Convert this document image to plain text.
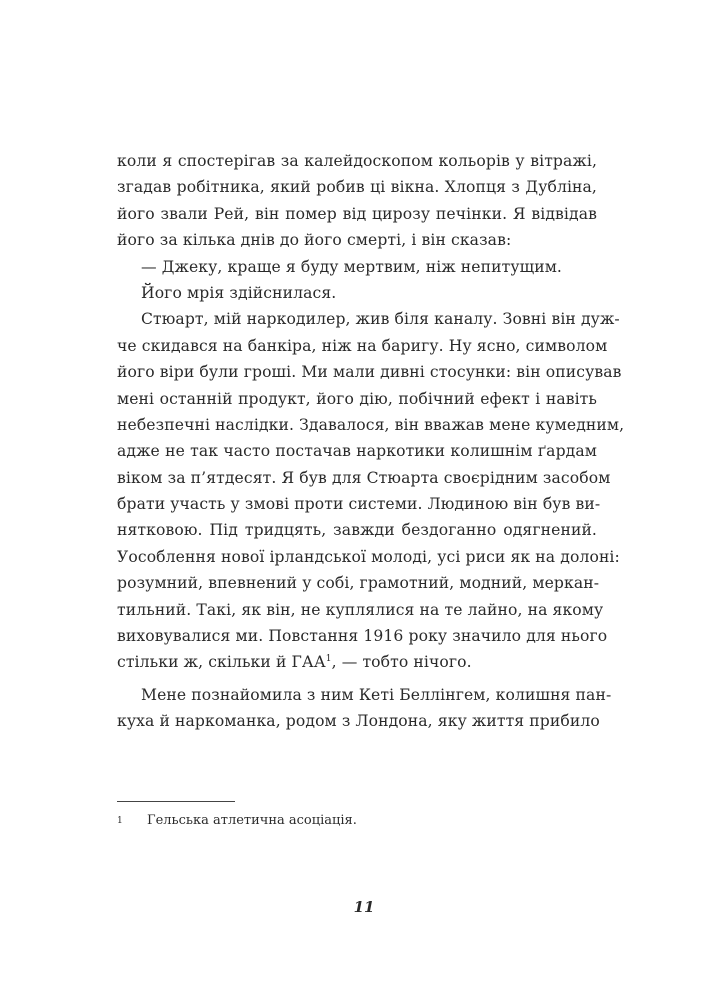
коли я спостерігав за калейдоскопом кольорів у вітражі,
згадав робітника, який робив ці вікна. Хлопця з Дубліна,
його звали Рей, він помер від цирозу печінки. Я відвідав
його за кілька днів до його смерті, і він сказав:
— Джеку, краще я буду мертвим, ніж непитущим.
Його мрія здійснилася.
Стюарт, мій наркодилер, жив біля каналу. Зовні він дуж-
че скидався на банкіра, ніж на баригу. Ну ясно, символом
його віри були гроші. Ми мали дивні стосунки: він описував
мені останній продукт, його дію, побічний ефект і навіть
небезпечні наслідки. Здавалося, він вважав мене кумедним,
адже не так часто постачав наркотики колишнім ґардам
віком за п’ятдесят. Я був для Стюарта своєрідним засобом
брати участь у змові проти системи. Людиною він був ви-
нятковою. Під тридцять, завжди бездоганно одягнений.
Уособлення нової ірландської молоді, усі риси як на долоні:
розумний, впевнений у собі, грамотний, модний, меркан-
тильний. Такі, як він, не куплялися на те лайно, на якому
виховувалися ми. Повстання 1916 року значило для нього
стільки ж, скільки й ГАА$^1$, — тобто нічого.
Мене познайомила з ним Кеті Беллінгем, колишня пан-
куха й наркоманка, родом з Лондона, яку життя прибило
1 Гельська атлетична асоціація.
11
